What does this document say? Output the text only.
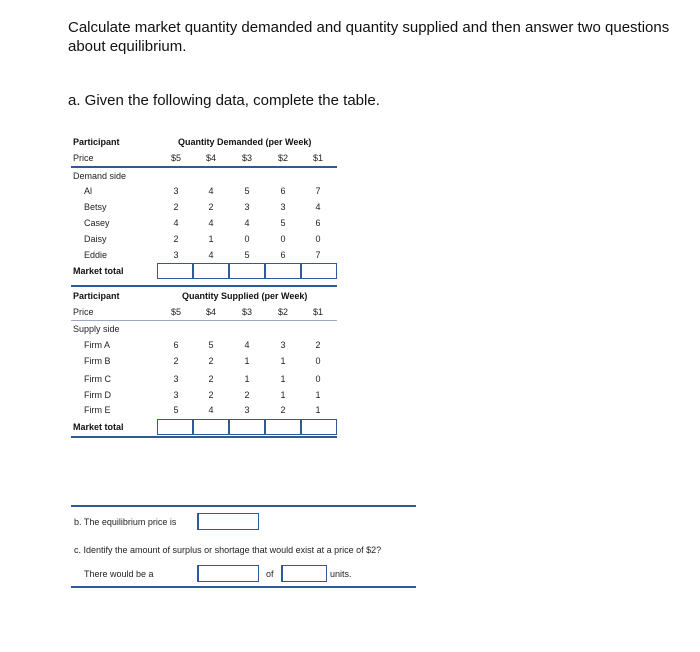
Calculate market quantity demanded and quantity supplied and then answer two questions about equilibrium.
a. Given the following data, complete the table.
Participant	Quantity Demanded (per Week)
Price	$5	$4	$3	$2	$1
Demand side
Al	3	4	5	6	7
Betsy	2	2	3	3	4
Casey	4	4	4	5	6
Daisy	2	1	0	0	0
Eddie	3	4	5	6	7
Market total
Participant	Quantity Supplied (per Week)
Price	$5	$4	$3	$2	$1
Supply side
Firm A	6	5	4	3	2
Firm B	2	2	1	1	0
Firm C	3	2	1	1	0
Firm D	3	2	2	1	1
Firm E	5	4	3	2	1
Market total
b. The equilibrium price is
c. Identify the amount of surplus or shortage that would exist at a price of $2?
There would be a	of	units.
